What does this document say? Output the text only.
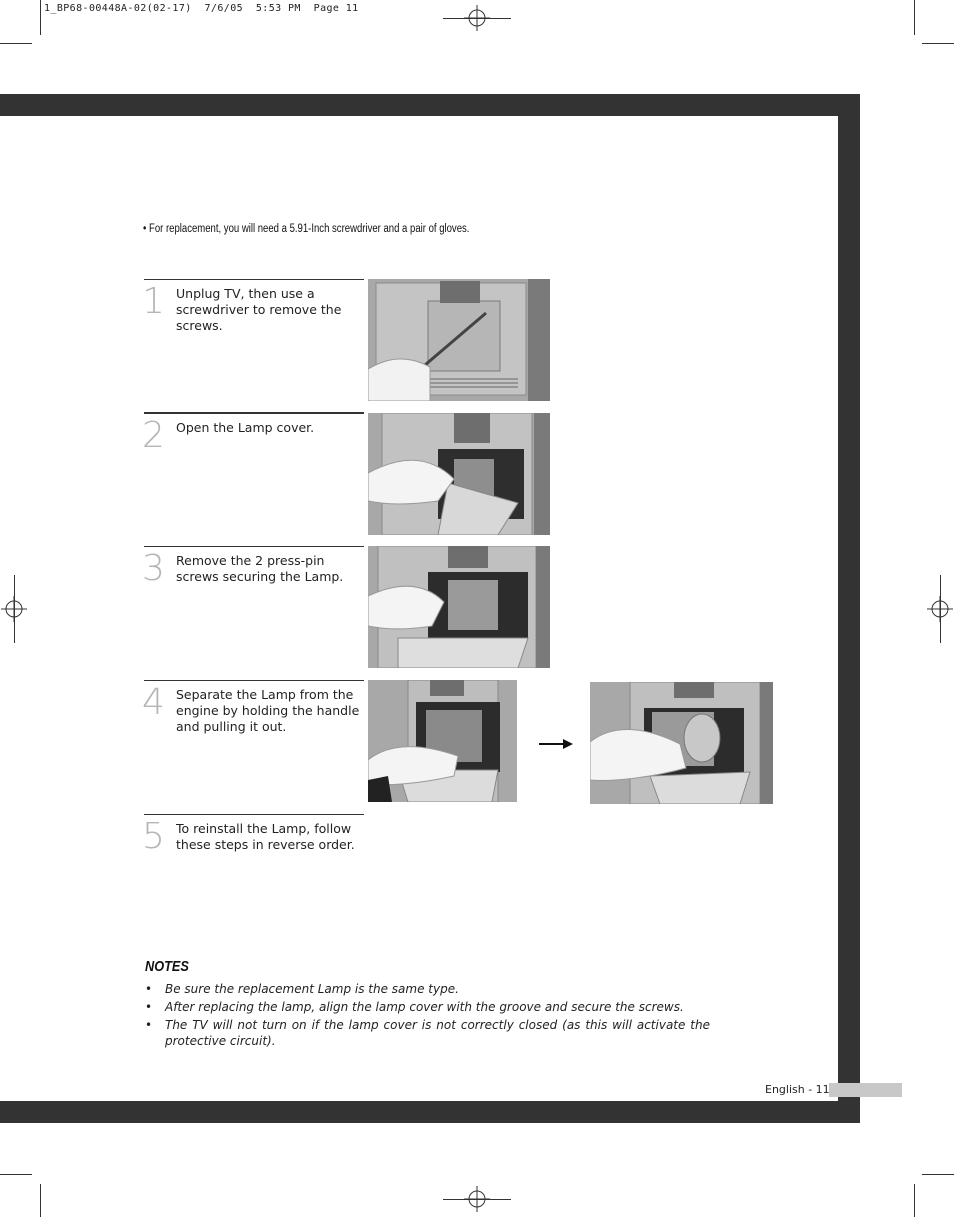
1_BP68-00448A-02(02-17)  7/6/05  5:53 PM  Page 11
• For replacement, you will need a 5.91-Inch screwdriver and a pair of gloves.
1 Unplug TV, then use a screwdriver to remove the screws.
2 Open the Lamp cover.
3 Remove the 2 press-pin screws securing the Lamp.
4 Separate the Lamp from the engine by holding the handle and pulling it out.
5 To reinstall the Lamp, follow these steps in reverse order.
NOTES
• Be sure the replacement Lamp is the same type.
• After replacing the lamp, align the lamp cover with the groove and secure the screws.
• The TV will not turn on if the lamp cover is not correctly closed (as this will activate the protective circuit).
English - 11
